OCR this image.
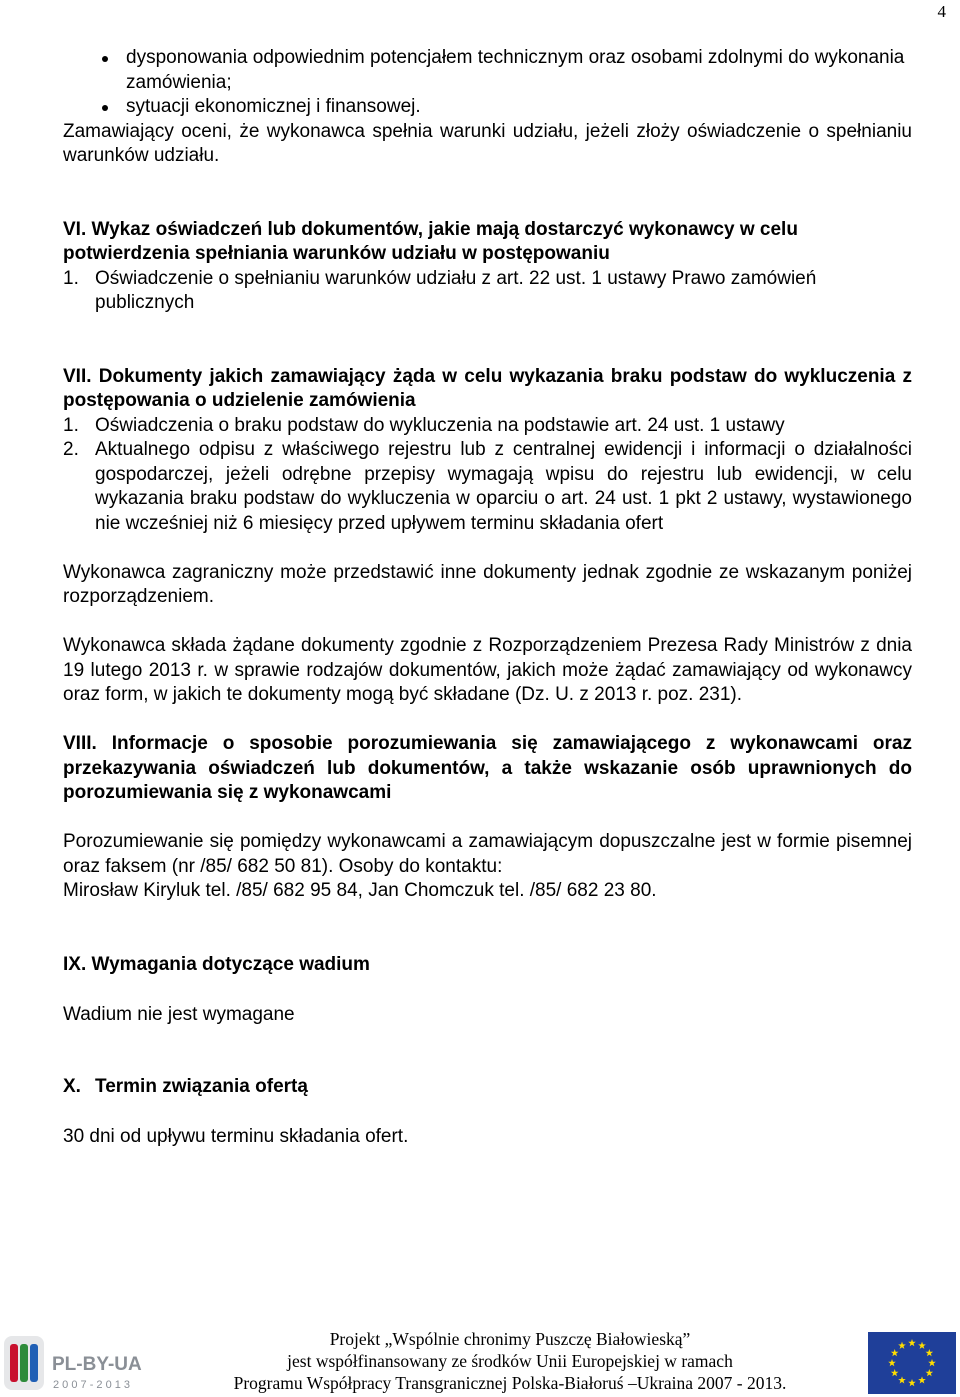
4
dysponowania odpowiednim potencjałem technicznym oraz osobami zdolnymi do wykonania zamówienia;
sytuacji ekonomicznej i finansowej.

Zamawiający oceni, że wykonawca spełnia warunki udziału, jeżeli złoży oświadczenie o spełnianiu warunków udziału.

VI. Wykaz oświadczeń lub dokumentów, jakie mają dostarczyć wykonawcy w celu potwierdzenia spełniania warunków udziału w postępowaniu

1. Oświadczenie o spełnianiu warunków udziału z art. 22 ust. 1 ustawy Prawo zamówień publicznych

VII. Dokumenty jakich zamawiający żąda w celu wykazania braku podstaw do wykluczenia z postępowania o udzielenie zamówienia

1. Oświadczenia o braku podstaw do wykluczenia na podstawie art. 24 ust. 1 ustawy

2. Aktualnego odpisu z właściwego rejestru lub z centralnej ewidencji i informacji o działalności gospodarczej, jeżeli odrębne przepisy wymagają wpisu do rejestru lub ewidencji, w celu wykazania braku podstaw do wykluczenia w oparciu o art. 24 ust. 1 pkt 2 ustawy, wystawionego nie wcześniej niż 6 miesięcy przed upływem terminu składania ofert

Wykonawca zagraniczny może przedstawić inne dokumenty jednak zgodnie ze wskazanym poniżej rozporządzeniem.

Wykonawca składa żądane dokumenty zgodnie z Rozporządzeniem Prezesa Rady Ministrów z dnia 19 lutego 2013 r. w sprawie rodzajów dokumentów, jakich może żądać zamawiający od wykonawcy oraz form, w jakich te dokumenty mogą być składane (Dz. U. z 2013 r. poz. 231).

VIII. Informacje o sposobie porozumiewania się zamawiającego z wykonawcami oraz przekazywania oświadczeń lub dokumentów, a także wskazanie osób uprawnionych do porozumiewania się z wykonawcami

Porozumiewanie się pomiędzy wykonawcami a zamawiającym dopuszczalne jest w formie pisemnej oraz faksem (nr /85/ 682 50 81). Osoby do kontaktu:

Mirosław Kiryluk tel. /85/ 682 95 84, Jan Chomczuk tel. /85/ 682 23 80.

IX. Wymagania dotyczące wadium

Wadium nie jest wymagane

X. Termin związania ofertą

30 dni od upływu terminu składania ofert.

PL-BY-UA
2 0 0 7 - 2 0 1 3
Projekt „Wspólnie chronimy Puszczę Białowieską”
jest współfinansowany ze środków Unii Europejskiej w ramach
Programu Współpracy Transgranicznej Polska-Białoruś –Ukraina 2007 - 2013.
